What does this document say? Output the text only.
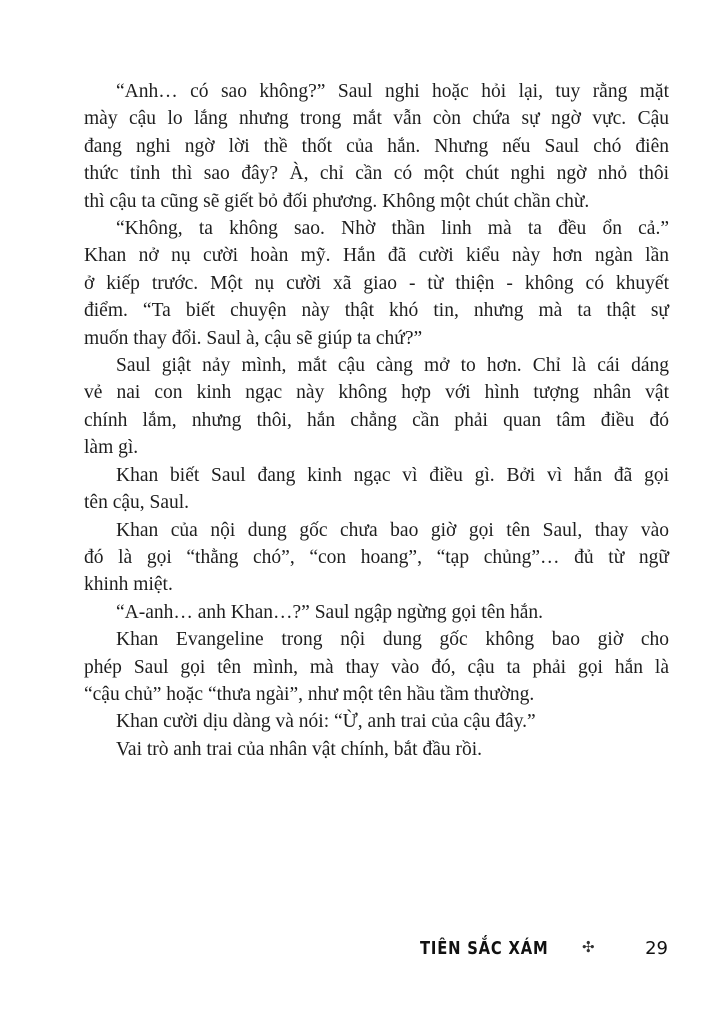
“Anh… có sao không?” Saul nghi hoặc hỏi lại, tuy rằng mặt
mày cậu lo lắng nhưng trong mắt vẫn còn chứa sự ngờ vực. Cậu
đang nghi ngờ lời thề thốt của hắn. Nhưng nếu Saul chó điên
thức tỉnh thì sao đây? À, chỉ cần có một chút nghi ngờ nhỏ thôi
thì cậu ta cũng sẽ giết bỏ đối phương. Không một chút chần chừ.
“Không, ta không sao. Nhờ thần linh mà ta đều ổn cả.”
Khan nở nụ cười hoàn mỹ. Hắn đã cười kiểu này hơn ngàn lần
ở kiếp trước. Một nụ cười xã giao - từ thiện - không có khuyết
điểm. “Ta biết chuyện này thật khó tin, nhưng mà ta thật sự
muốn thay đổi. Saul à, cậu sẽ giúp ta chứ?”
Saul giật nảy mình, mắt cậu càng mở to hơn. Chỉ là cái dáng
vẻ nai con kinh ngạc này không hợp với hình tượng nhân vật
chính lắm, nhưng thôi, hắn chẳng cần phải quan tâm điều đó
làm gì.
Khan biết Saul đang kinh ngạc vì điều gì. Bởi vì hắn đã gọi
tên cậu, Saul.
Khan của nội dung gốc chưa bao giờ gọi tên Saul, thay vào
đó là gọi “thằng chó”, “con hoang”, “tạp chủng”… đủ từ ngữ
khinh miệt.
“A-anh… anh Khan…?” Saul ngập ngừng gọi tên hắn.
Khan Evangeline trong nội dung gốc không bao giờ cho
phép Saul gọi tên mình, mà thay vào đó, cậu ta phải gọi hắn là
“cậu chủ” hoặc “thưa ngài”, như một tên hầu tầm thường.
Khan cười dịu dàng và nói: “Ừ, anh trai của cậu đây.”
Vai trò anh trai của nhân vật chính, bắt đầu rồi.
TIÊN SẮC XÁM ✣	29
